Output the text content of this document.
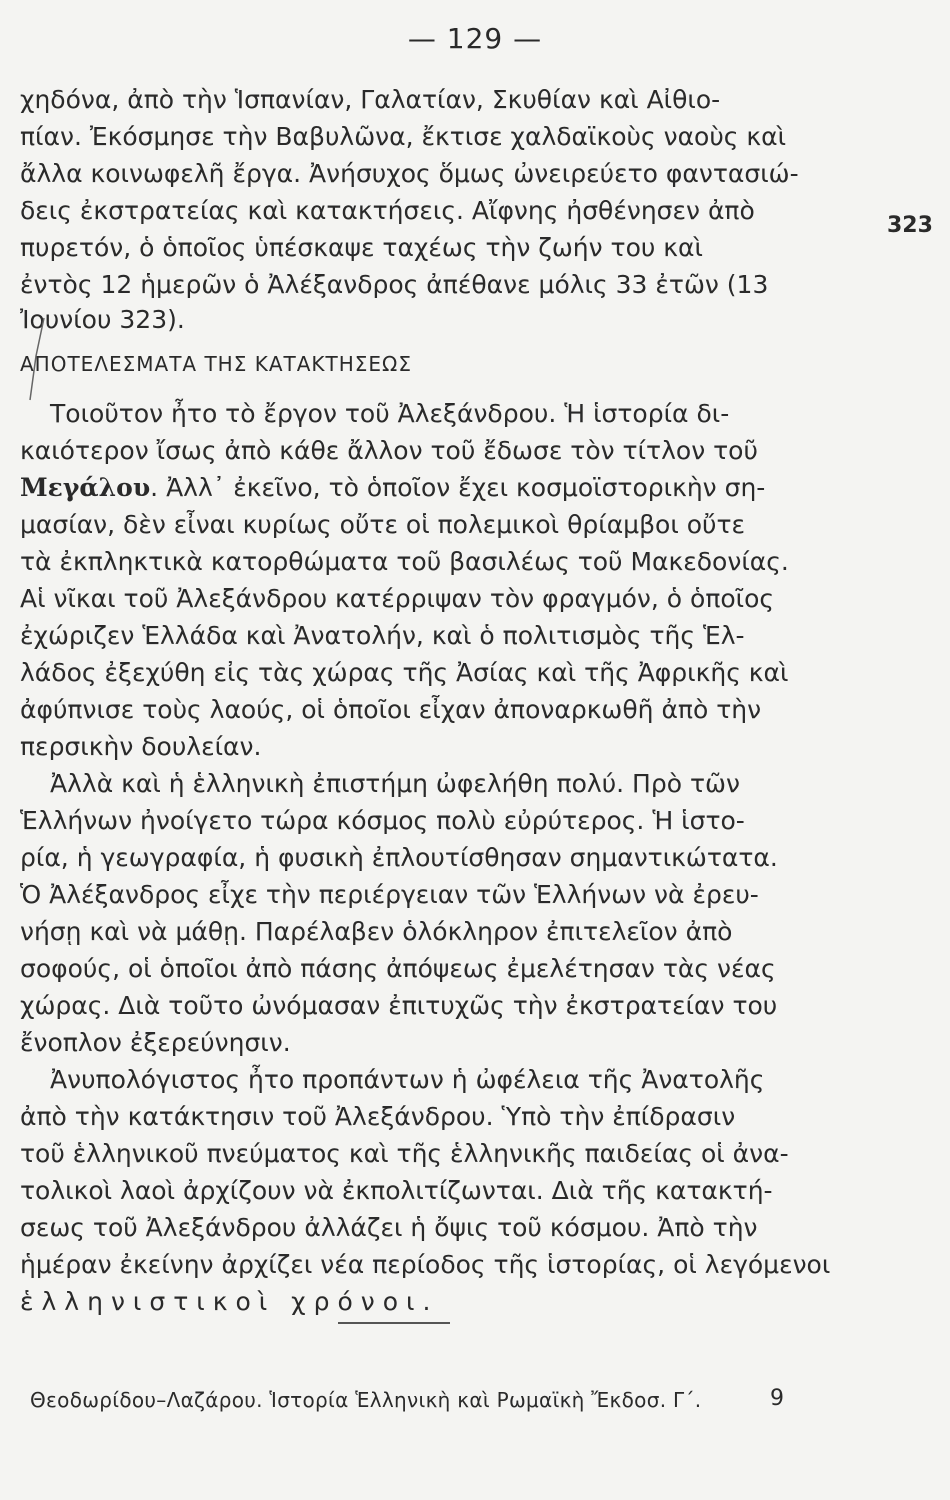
— 129 —
χηδόνα, ἀπὸ τὴν Ἱσπανίαν, Γαλατίαν, Σκυθίαν καὶ Αἰθιο-
πίαν. Ἐκόσμησε τὴν Βαβυλῶνα, ἔκτισε χαλδαϊκοὺς ναοὺς καὶ
ἄλλα κοινωφελῆ ἔργα. Ἀνήσυχος ὅμως ὠνειρεύετο φαντασιώ-
δεις ἐκστρατείας καὶ κατακτήσεις. Αἴφνης ἠσθένησεν ἀπὸ
πυρετόν, ὁ ὁποῖος ὑπέσκαψε ταχέως τὴν ζωήν του καὶ
ἐντὸς 12 ἡμερῶν ὁ Ἀλέξανδρος ἀπέθανε μόλις 33 ἐτῶν (13
Ἰουνίου 323).
323
ΑΠΟΤΕΛΕΣΜΑΤΑ ΤΗΣ ΚΑΤΑΚΤΗΣΕΩΣ
Τοιοῦτον ἦτο τὸ ἔργον τοῦ Ἀλεξάνδρου. Ἡ ἱστορία δι-
καιότερον ἴσως ἀπὸ κάθε ἄλλον τοῦ ἔδωσε τὸν τίτλον τοῦ
Μεγάλου. Ἀλλ᾽ ἐκεῖνο, τὸ ὁποῖον ἔχει κοσμοϊστορικὴν ση-
μασίαν, δὲν εἶναι κυρίως οὔτε οἱ πολεμικοὶ θρίαμβοι οὔτε
τὰ ἐκπληκτικὰ κατορθώματα τοῦ βασιλέως τοῦ Μακεδονίας.
Αἱ νῖκαι τοῦ Ἀλεξάνδρου κατέρριψαν τὸν φραγμόν, ὁ ὁποῖος
ἐχώριζεν Ἑλλάδα καὶ Ἀνατολήν, καὶ ὁ πολιτισμὸς τῆς Ἑλ-
λάδος ἐξεχύθη εἰς τὰς χώρας τῆς Ἀσίας καὶ τῆς Ἀφρικῆς καὶ
ἀφύπνισε τοὺς λαούς, οἱ ὁποῖοι εἶχαν ἀποναρκωθῆ ἀπὸ τὴν
περσικὴν δουλείαν.
Ἀλλὰ καὶ ἡ ἑλληνικὴ ἐπιστήμη ὠφελήθη πολύ. Πρὸ τῶν
Ἑλλήνων ἠνοίγετο τώρα κόσμος πολὺ εὐρύτερος. Ἡ ἱστο-
ρία, ἡ γεωγραφία, ἡ φυσικὴ ἐπλουτίσθησαν σημαντικώτατα.
Ὁ Ἀλέξανδρος εἶχε τὴν περιέργειαν τῶν Ἑλλήνων νὰ ἐρευ-
νήσῃ καὶ νὰ μάθῃ. Παρέλαβεν ὁλόκληρον ἐπιτελεῖον ἀπὸ
σοφούς, οἱ ὁποῖοι ἀπὸ πάσης ἀπόψεως ἐμελέτησαν τὰς νέας
χώρας. Διὰ τοῦτο ὠνόμασαν ἐπιτυχῶς τὴν ἐκστρατείαν του
ἔνοπλον ἐξερεύνησιν.
Ἀνυπολόγιστος ἦτο προπάντων ἡ ὠφέλεια τῆς Ἀνατολῆς
ἀπὸ τὴν κατάκτησιν τοῦ Ἀλεξάνδρου. Ὑπὸ τὴν ἐπίδρασιν
τοῦ ἑλληνικοῦ πνεύματος καὶ τῆς ἑλληνικῆς παιδείας οἱ ἀνα-
τολικοὶ λαοὶ ἀρχίζουν νὰ ἐκπολιτίζωνται. Διὰ τῆς κατακτή-
σεως τοῦ Ἀλεξάνδρου ἀλλάζει ἡ ὄψις τοῦ κόσμου. Ἀπὸ τὴν
ἡμέραν ἐκείνην ἀρχίζει νέα περίοδος τῆς ἱστορίας, οἱ λεγόμενοι
ἑλληνιστικοὶ χρόνοι.
Θεοδωρίδου–Λαζάρου. Ἱστορία Ἑλληνικὴ καὶ Ρωμαϊκὴ Ἔκδοσ. Γ΄.	9
